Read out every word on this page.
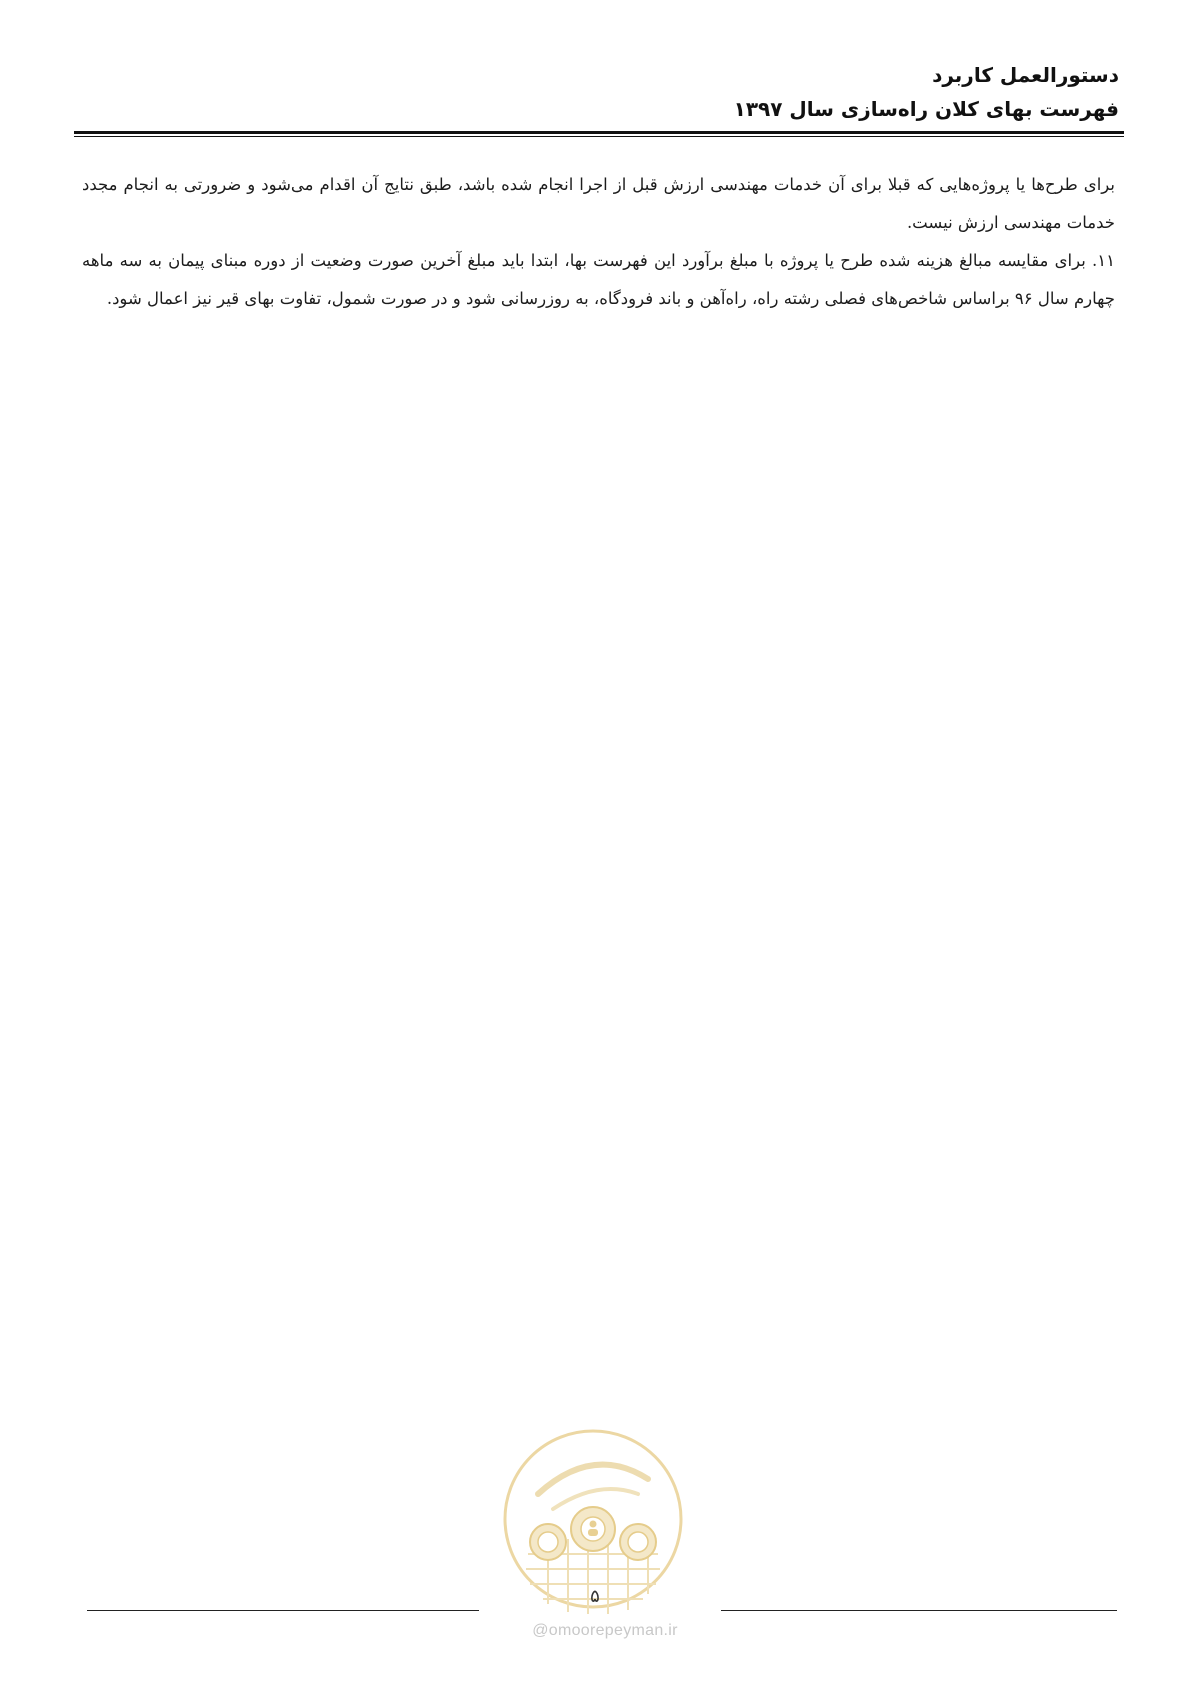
دستورالعمل کاربرد
فهرست بهای کلان راه‌سازی سال ۱۳۹۷

برای طرح‌ها یا پروژه‌هایی که قبلا برای آن خدمات مهندسی ارزش قبل از اجرا انجام شده باشد، طبق نتایج آن اقدام می‌شود و ضرورتی به انجام مجدد خدمات مهندسی ارزش نیست.

۱۱. برای مقایسه مبالغ هزینه شده طرح یا پروژه با مبلغ برآورد این فهرست بها، ابتدا باید مبلغ آخرین صورت وضعیت از دوره مبنای پیمان به سه ماهه چهارم سال ۹۶ براساس شاخص‌های فصلی رشته راه، راه‌آهن و باند فرودگاه، به روزرسانی شود و در صورت شمول، تفاوت بهای قیر نیز اعمال شود.

۵
@omoorepeyman.ir
